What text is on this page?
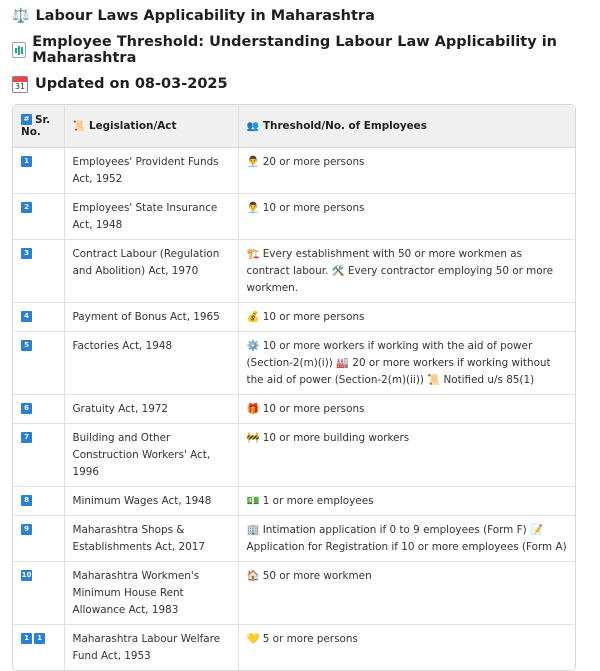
⚖️ Labour Laws Applicability in Maharashtra
Employee Threshold: Understanding Labour Law Applicability in Maharashtra
31 Updated on 08-03-2025
# Sr. No.	📜 Legislation/Act	👥 Threshold/No. of Employees
1	Employees' Provident Funds Act, 1952	👨‍💼 20 or more persons
2	Employees' State Insurance Act, 1948	👨‍💼 10 or more persons
3	Contract Labour (Regulation and Abolition) Act, 1970	🏗️ Every establishment with 50 or more workmen as contract labour. 🛠️ Every contractor employing 50 or more workmen.
4	Payment of Bonus Act, 1965	💰 10 or more persons
5	Factories Act, 1948	⚙️ 10 or more workers if working with the aid of power (Section-2(m)(i)) 🏭 20 or more workers if working without the aid of power (Section-2(m)(ii)) 📜 Notified u/s 85(1)
6	Gratuity Act, 1972	🎁 10 or more persons
7	Building and Other Construction Workers' Act, 1996	🚧 10 or more building workers
8	Minimum Wages Act, 1948	💵 1 or more employees
9	Maharashtra Shops & Establishments Act, 2017	🏢 Intimation application if 0 to 9 employees (Form F) 📝 Application for Registration if 10 or more employees (Form A)
10	Maharashtra Workmen's Minimum House Rent Allowance Act, 1983	🏠 50 or more workmen
1 1	Maharashtra Labour Welfare Fund Act, 1953	💛 5 or more persons
